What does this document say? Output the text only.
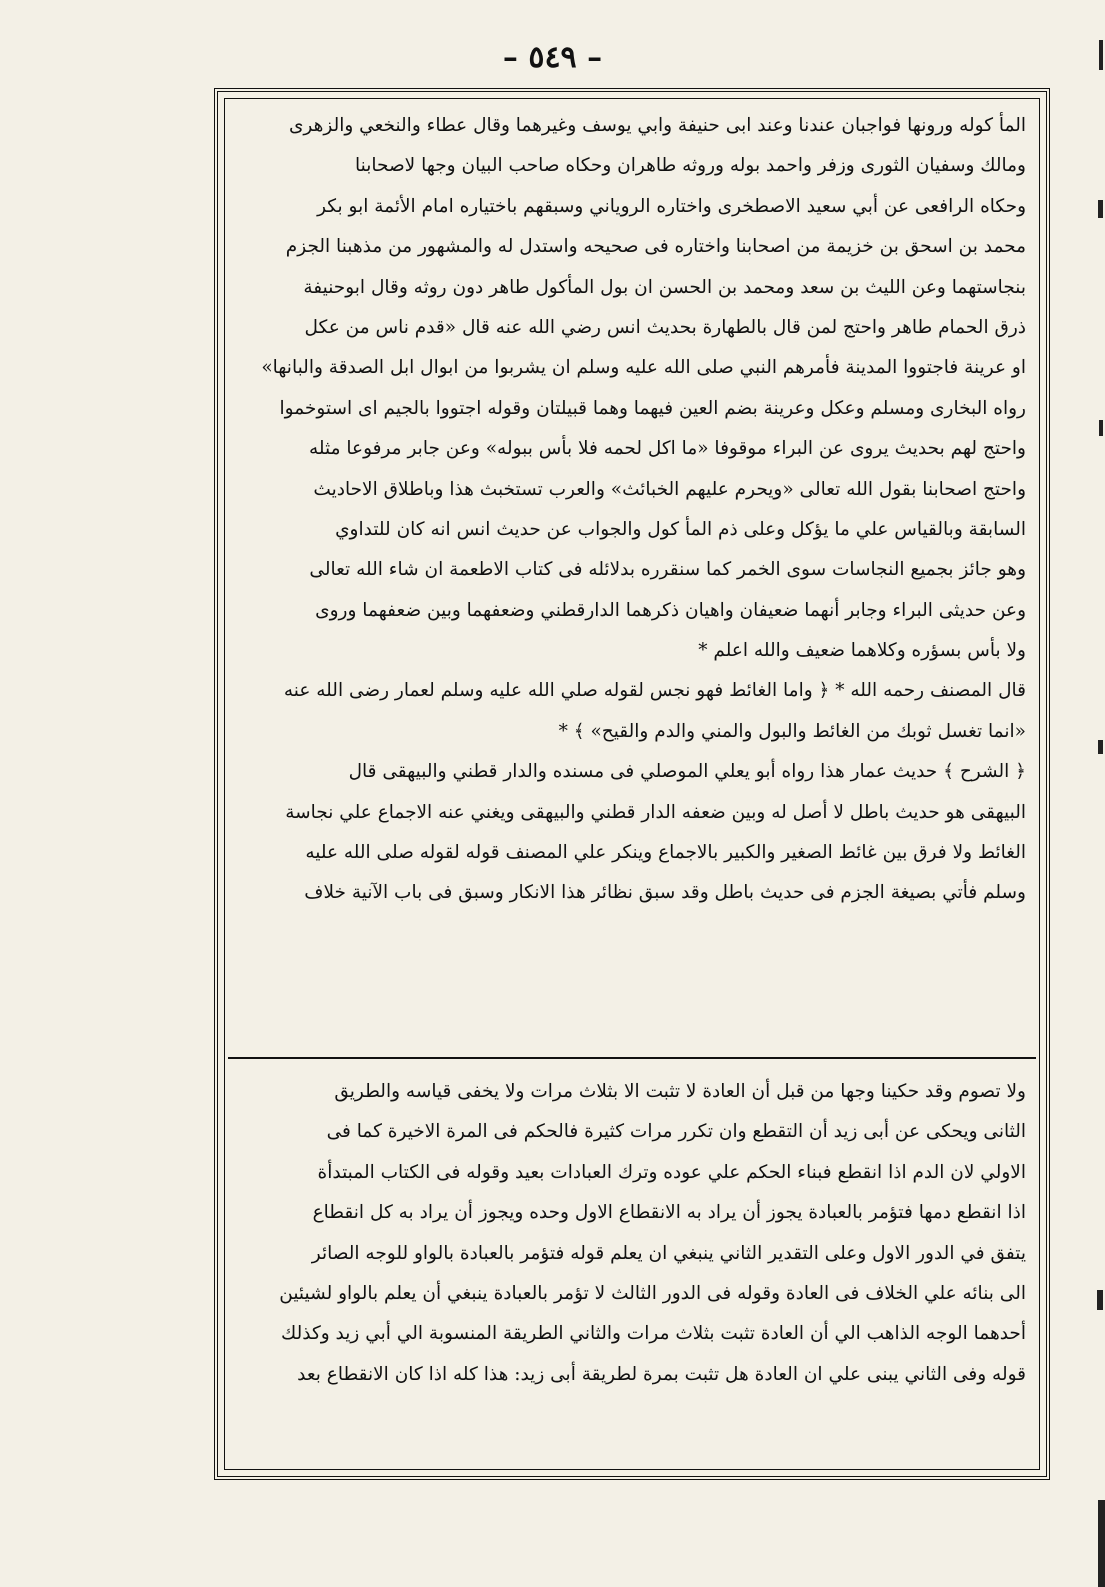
– ٥٤٩ –
المأ كوله ورونها فواجبان عندنا وعند ابى حنيفة وابي يوسف وغيرهما وقال عطاء والنخعي والزهرى
ومالك وسفيان الثورى وزفر واحمد بوله وروثه طاهران وحكاه صاحب البيان وجها لاصحابنا
وحكاه الرافعى عن أبي سعيد الاصطخرى واختاره الروياني وسبقهم باختياره امام الأئمة ابو بكر
محمد بن اسحق بن خزيمة من اصحابنا واختاره فى صحيحه واستدل له والمشهور من مذهبنا الجزم
بنجاستهما وعن الليث بن سعد ومحمد بن الحسن ان بول المأكول طاهر دون روثه وقال ابوحنيفة
ذرق الحمام طاهر واحتج لمن قال بالطهارة بحديث انس رضي الله عنه قال «قدم ناس من عكل
او عرينة فاجتووا المدينة فأمرهم النبي صلى الله عليه وسلم ان يشربوا من ابوال ابل الصدقة والبانها»
رواه البخارى ومسلم وعكل وعرينة بضم العين فيهما وهما قبيلتان وقوله اجتووا بالجيم اى استوخموا
واحتج لهم بحديث يروى عن البراء موقوفا «ما اكل لحمه فلا بأس ببوله» وعن جابر مرفوعا مثله
واحتج اصحابنا بقول الله تعالى «ويحرم عليهم الخبائث» والعرب تستخبث هذا وباطلاق الاحاديث
السابقة وبالقياس علي ما يؤكل وعلى ذم المأ كول والجواب عن حديث انس انه كان للتداوي
وهو جائز بجميع النجاسات سوى الخمر كما سنقرره بدلائله فى كتاب الاطعمة ان شاء الله تعالى
وعن حديثى البراء وجابر أنهما ضعيفان واهيان ذكرهما الدارقطني وضعفهما وبين ضعفهما وروى
ولا بأس بسؤره وكلاهما ضعيف والله اعلم *
قال المصنف رحمه الله * ﴿ واما الغائط فهو نجس لقوله صلي الله عليه وسلم لعمار رضى الله عنه
«انما تغسل ثوبك من الغائط والبول والمني والدم والقيح» ﴾ *
﴿ الشرح ﴾ حديث عمار هذا رواه أبو يعلي الموصلي فى مسنده والدار قطني والبيهقى قال
البيهقى هو حديث باطل لا أصل له وبين ضعفه الدار قطني والبيهقى ويغني عنه الاجماع علي نجاسة
الغائط ولا فرق بين غائط الصغير والكبير بالاجماع وينكر علي المصنف قوله لقوله صلى الله عليه
وسلم فأتي بصيغة الجزم فى حديث باطل وقد سبق نظائر هذا الانكار وسبق فى باب الآنية خلاف
ولا تصوم وقد حكينا وجها من قبل أن العادة لا تثبت الا بثلاث مرات ولا يخفى قياسه والطريق
الثانى ويحكى عن أبى زيد أن التقطع وان تكرر مرات كثيرة فالحكم فى المرة الاخيرة كما فى
الاولي لان الدم اذا انقطع فبناء الحكم علي عوده وترك العبادات بعيد وقوله فى الكتاب المبتدأة
اذا انقطع دمها فتؤمر بالعبادة يجوز أن يراد به الانقطاع الاول وحده ويجوز أن يراد به كل انقطاع
يتفق في الدور الاول وعلى التقدير الثاني ينبغي ان يعلم قوله فتؤمر بالعبادة بالواو للوجه الصائر
الى بنائه علي الخلاف فى العادة وقوله فى الدور الثالث لا تؤمر بالعبادة ينبغي أن يعلم بالواو لشيئين
أحدهما الوجه الذاهب الي أن العادة تثبت بثلاث مرات والثاني الطريقة المنسوبة الي أبي زيد وكذلك
قوله وفى الثاني يبنى علي ان العادة هل تثبت بمرة لطريقة أبى زيد: هذا كله اذا كان الانقطاع بعد
